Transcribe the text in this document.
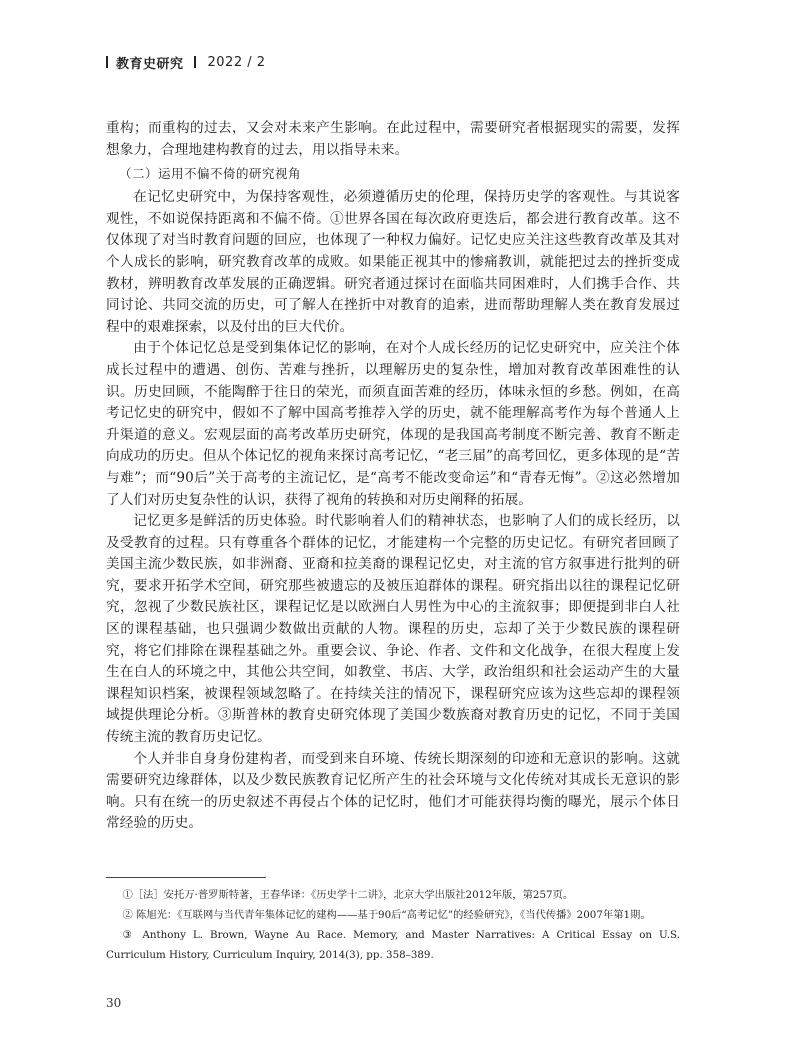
教育史研究 2022 / 2

重构；而重构的过去，又会对未来产生影响。在此过程中，需要研究者根据现实的需要，发挥想象力，合理地建构教育的过去，用以指导未来。

（二）运用不偏不倚的研究视角

在记忆史研究中，为保持客观性，必须遵循历史的伦理，保持历史学的客观性。与其说客观性，不如说保持距离和不偏不倚。①世界各国在每次政府更迭后，都会进行教育改革。这不仅体现了对当时教育问题的回应，也体现了一种权力偏好。记忆史应关注这些教育改革及其对个人成长的影响，研究教育改革的成败。如果能正视其中的惨痛教训，就能把过去的挫折变成教材，辨明教育改革发展的正确逻辑。研究者通过探讨在面临共同困难时，人们携手合作、共同讨论、共同交流的历史，可了解人在挫折中对教育的追索，进而帮助理解人类在教育发展过程中的艰难探索，以及付出的巨大代价。

由于个体记忆总是受到集体记忆的影响，在对个人成长经历的记忆史研究中，应关注个体成长过程中的遭遇、创伤、苦难与挫折，以理解历史的复杂性，增加对教育改革困难性的认识。历史回顾，不能陶醉于往日的荣光，而须直面苦难的经历，体味永恒的乡愁。例如，在高考记忆史的研究中，假如不了解中国高考推荐入学的历史，就不能理解高考作为每个普通人上升渠道的意义。宏观层面的高考改革历史研究，体现的是我国高考制度不断完善、教育不断走向成功的历史。但从个体记忆的视角来探讨高考记忆，“老三届”的高考回忆，更多体现的是“苦与难”；而“90后”关于高考的主流记忆，是“高考不能改变命运”和“青春无悔”。②这必然增加了人们对历史复杂性的认识，获得了视角的转换和对历史阐释的拓展。

记忆更多是鲜活的历史体验。时代影响着人们的精神状态，也影响了人们的成长经历，以及受教育的过程。只有尊重各个群体的记忆，才能建构一个完整的历史记忆。有研究者回顾了美国主流少数民族，如非洲裔、亚裔和拉美裔的课程记忆史，对主流的官方叙事进行批判的研究，要求开拓学术空间，研究那些被遗忘的及被压迫群体的课程。研究指出以往的课程记忆研究，忽视了少数民族社区，课程记忆是以欧洲白人男性为中心的主流叙事；即便提到非白人社区的课程基础，也只强调少数做出贡献的人物。课程的历史，忘却了关于少数民族的课程研究，将它们排除在课程基础之外。重要会议、争论、作者、文件和文化战争，在很大程度上发生在白人的环境之中，其他公共空间，如教堂、书店、大学，政治组织和社会运动产生的大量课程知识档案，被课程领域忽略了。在持续关注的情况下，课程研究应该为这些忘却的课程领域提供理论分析。③斯普林的教育史研究体现了美国少数族裔对教育历史的记忆，不同于美国传统主流的教育历史记忆。

个人并非自身身份建构者，而受到来自环境、传统长期深刻的印迹和无意识的影响。这就需要研究边缘群体，以及少数民族教育记忆所产生的社会环境与文化传统对其成长无意识的影响。只有在统一的历史叙述不再侵占个体的记忆时，他们才可能获得均衡的曝光，展示个体日常经验的历史。

①［法］安托万·普罗斯特著，王春华译：《历史学十二讲》，北京大学出版社2012年版，第257页。

② 陈旭光：《互联网与当代青年集体记忆的建构——基于90后“高考记忆”的经验研究》，《当代传播》2007年第1期。

③ Anthony L. Brown, Wayne Au Race. Memory, and Master Narratives: A Critical Essay on U.S. Curriculum History, Curriculum Inquiry, 2014(3), pp. 358–389.

30
